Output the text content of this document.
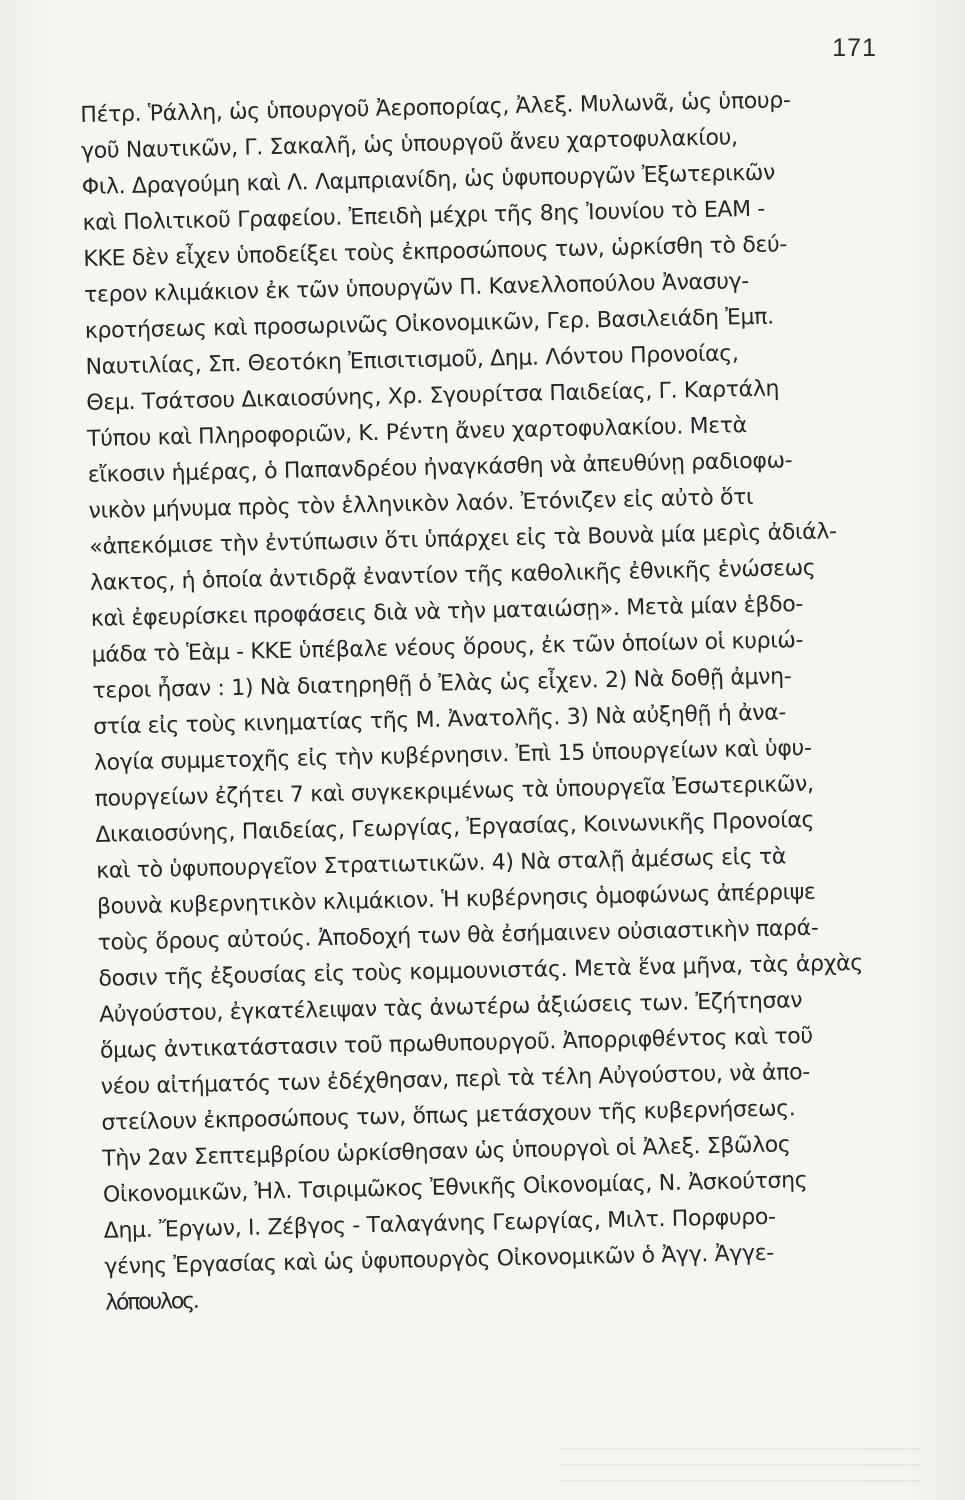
171
Πέτρ. Ῥάλλη, ὡς ὑπουργοῦ Ἀεροπορίας, Ἀλεξ. Μυλωνᾶ, ὡς ὑπουρ-
γοῦ Ναυτικῶν, Γ. Σακαλῆ, ὡς ὑπουργοῦ ἄνευ χαρτοφυλακίου,
Φιλ. Δραγούμη καὶ Λ. Λαμπριανίδη, ὡς ὑφυπουργῶν Ἐξωτερικῶν
καὶ Πολιτικοῦ Γραφείου. Ἐπειδὴ μέχρι τῆς 8ης Ἰουνίου τὸ ΕΑΜ -
ΚΚΕ δὲν εἶχεν ὑποδείξει τοὺς ἐκπροσώπους των, ὡρκίσθη τὸ δεύ-
τερον κλιμάκιον ἐκ τῶν ὑπουργῶν Π. Κανελλοπούλου Ἀνασυγ-
κροτήσεως καὶ προσωρινῶς Οἰκονομικῶν, Γερ. Βασιλειάδη Ἐμπ.
Ναυτιλίας, Σπ. Θεοτόκη Ἐπισιτισμοῦ, Δημ. Λόντου Προνοίας,
Θεμ. Τσάτσου Δικαιοσύνης, Χρ. Σγουρίτσα Παιδείας, Γ. Καρτάλη
Τύπου καὶ Πληροφοριῶν, Κ. Ρέντη ἄνευ χαρτοφυλακίου. Μετὰ
εἴκοσιν ἡμέρας, ὁ Παπανδρέου ἠναγκάσθη νὰ ἀπευθύνῃ ραδιοφω-
νικὸν μήνυμα πρὸς τὸν ἑλληνικὸν λαόν. Ἐτόνιζεν εἰς αὐτὸ ὅτι
«ἀπεκόμισε τὴν ἐντύπωσιν ὅτι ὑπάρχει εἰς τὰ Βουνὰ μία μερὶς ἀδιάλ-
λακτος, ἡ ὁποία ἀντιδρᾷ ἐναντίον τῆς καθολικῆς ἐθνικῆς ἑνώσεως
καὶ ἐφευρίσκει προφάσεις διὰ νὰ τὴν ματαιώσῃ». Μετὰ μίαν ἑβδο-
μάδα τὸ Ἑὰμ - ΚΚΕ ὑπέβαλε νέους ὅρους, ἐκ τῶν ὁποίων οἱ κυριώ-
τεροι ἦσαν : 1) Νὰ διατηρηθῇ ὁ Ἐλὰς ὡς εἶχεν. 2) Νὰ δοθῇ ἀμνη-
στία εἰς τοὺς κινηματίας τῆς Μ. Ἀνατολῆς. 3) Νὰ αὐξηθῇ ἡ ἀνα-
λογία συμμετοχῆς εἰς τὴν κυβέρνησιν. Ἐπὶ 15 ὑπουργείων καὶ ὑφυ-
πουργείων ἐζήτει 7 καὶ συγκεκριμένως τὰ ὑπουργεῖα Ἐσωτερικῶν,
Δικαιοσύνης, Παιδείας, Γεωργίας, Ἐργασίας, Κοινωνικῆς Προνοίας
καὶ τὸ ὑφυπουργεῖον Στρατιωτικῶν. 4) Νὰ σταλῇ ἀμέσως εἰς τὰ
βουνὰ κυβερνητικὸν κλιμάκιον. Ἡ κυβέρνησις ὁμοφώνως ἀπέρριψε
τοὺς ὅρους αὐτούς. Ἀποδοχή των θὰ ἐσήμαινεν οὐσιαστικὴν παρά-
δοσιν τῆς ἐξουσίας εἰς τοὺς κομμουνιστάς. Μετὰ ἕνα μῆνα, τὰς ἀρχὰς
Αὐγούστου, ἐγκατέλειψαν τὰς ἀνωτέρω ἀξιώσεις των. Ἐζήτησαν
ὅμως ἀντικατάστασιν τοῦ πρωθυπουργοῦ. Ἀπορριφθέντος καὶ τοῦ
νέου αἰτήματός των ἐδέχθησαν, περὶ τὰ τέλη Αὐγούστου, νὰ ἀπο-
στείλουν ἐκπροσώπους των, ὅπως μετάσχουν τῆς κυβερνήσεως.
Τὴν 2αν Σεπτεμβρίου ὡρκίσθησαν ὡς ὑπουργοὶ οἱ Ἀλεξ. Σβῶλος
Οἰκονομικῶν, Ἠλ. Τσιριμῶκος Ἐθνικῆς Οἰκονομίας, Ν. Ἀσκούτσης
Δημ. Ἔργων, Ι. Ζέβγος - Ταλαγάνης Γεωργίας, Μιλτ. Πορφυρο-
γένης Ἐργασίας καὶ ὡς ὑφυπουργὸς Οἰκονομικῶν ὁ Ἀγγ. Ἀγγε-
λόπουλος.
